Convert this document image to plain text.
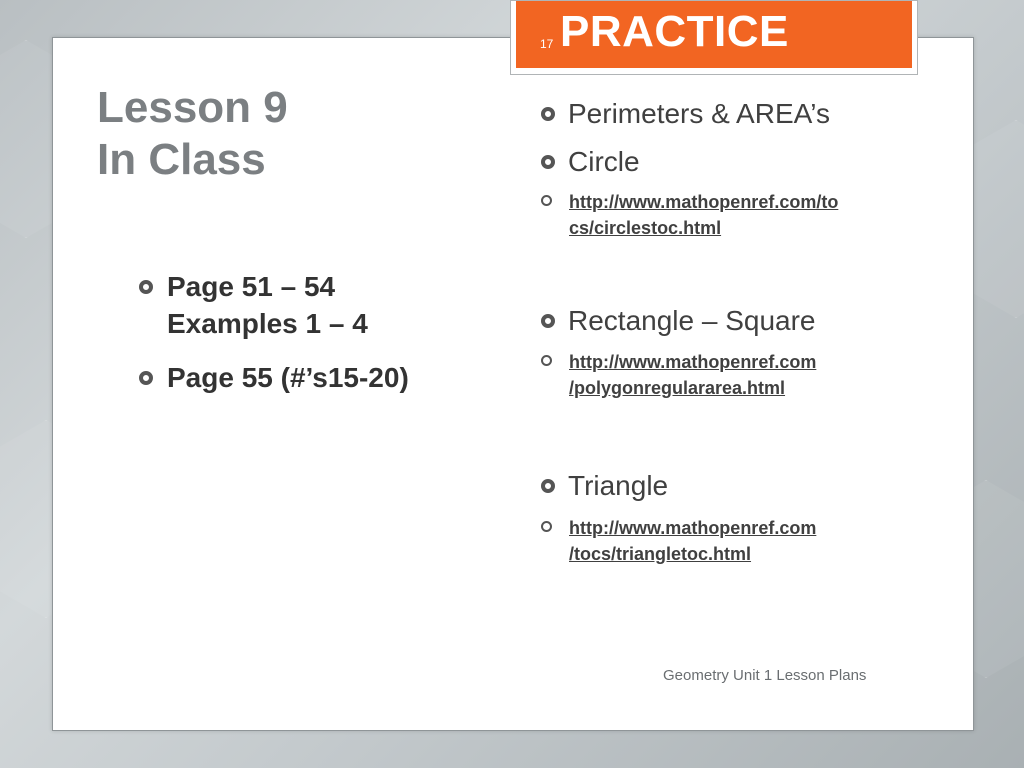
Lesson 9
In Class
Page 51 – 54
Examples 1 – 4
Page 55 (#’s15-20)
Perimeters & AREA’s
Circle
http://www.mathopenref.com/to
cs/circlestoc.html
Rectangle – Square
http://www.mathopenref.com
/polygonregulararea.html
Triangle
http://www.mathopenref.com
/tocs/triangletoc.html
Geometry Unit 1 Lesson Plans
17 PRACTICE
